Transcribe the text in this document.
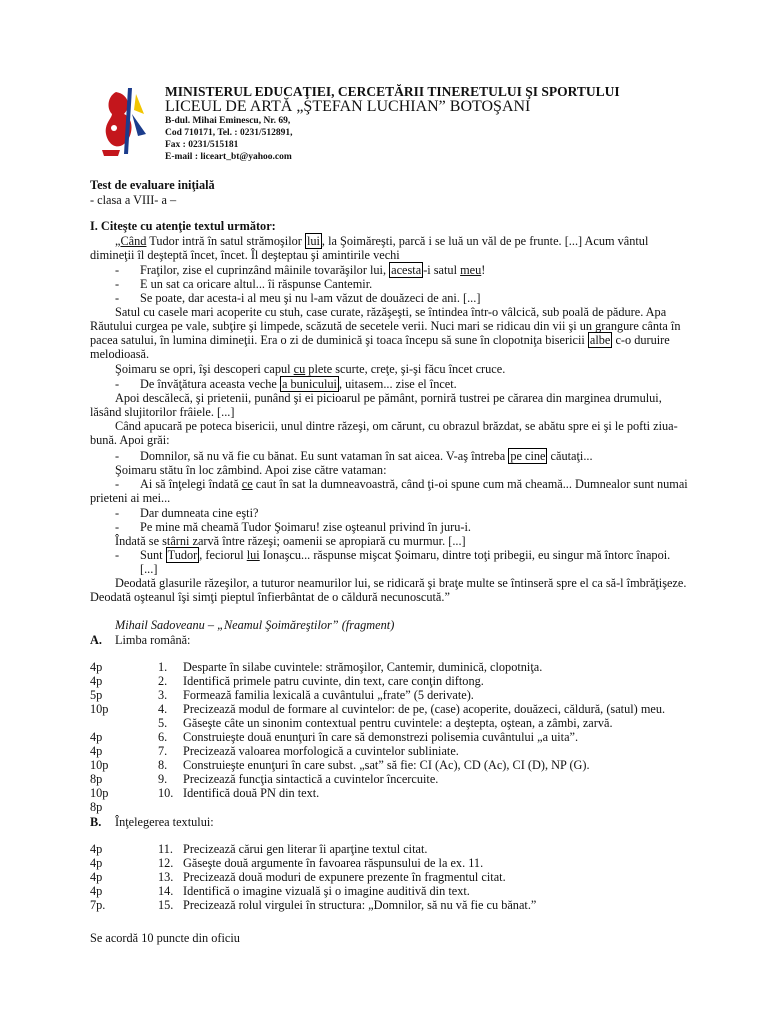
MINISTERUL EDUCAŢIEI, CERCETĂRII TINERETULUI ŞI SPORTULUI
LICEUL DE ARTĂ „ŞTEFAN LUCHIAN” BOTOŞANI
B-dul. Mihai Eminescu, Nr. 69,
Cod 710171, Tel. : 0231/512891,
Fax : 0231/515181
E-mail : liceart_bt@yahoo.com
Test de evaluare iniţială
- clasa a VIII- a –
I. Citeşte cu atenţie textul următor:
„Când Tudor intră în satul strămoşilor lui , la Şoimăreşti, parcă i se luă un văl de pe frunte. [...] Acum vântul
dimineţii îl deşteptă încet, încet. Îl deşteptau şi amintirile vechi
- Fraţilor, zise el cuprinzând mâinile tovarăşilor lui, acesta -i satul meu!
- E un sat ca oricare altul... îi răspunse Cantemir.
- Se poate, dar acesta-i al meu şi nu l-am văzut de douăzeci de ani. [...]
Satul cu casele mari acoperite cu stuh, case curate, răzăşeşti, se întindea într-o vâlcică, sub poală de pădure. Apa Răutului curgea pe vale, subţire şi limpede, scăzută de secetele verii. Nuci mari se ridicau din vii şi un grangure cânta în pacea satului, în lumina dimineţii. Era o zi de duminică şi toaca începu să sune în clopotniţa bisericii albe c-o duruire melodioasă.
Şoimaru se opri, îşi descoperi capul cu plete scurte, creţe, şi-şi făcu încet cruce.
- De învăţătura aceasta veche a bunicului , uitasem... zise el încet.
Apoi descălecă, şi prietenii, punând şi ei picioarul pe pământ, porniră tustrei pe cărarea din marginea drumului, lăsând slujitorilor frâiele. [...]
Când apucară pe poteca bisericii, unul dintre răzeşi, om cărunt, cu obrazul brăzdat, se abătu spre ei şi le pofti ziua-bună. Apoi grăi:
- Domnilor, să nu vă fie cu bănat. Eu sunt vataman în sat aicea. V-aş întreba pe cine căutaţi...
Şoimaru stătu în loc zâmbind. Apoi zise către vataman:
-	Ai să înţelegi îndată ce caut în sat la dumneavoastră, când ţi-oi spune cum mă cheamă... Dumnealor sunt numai prieteni ai mei...
- Dar dumneata cine eşti?
- Pe mine mă cheamă Tudor Şoimaru! zise oşteanul privind în juru-i.
Îndată se stârni zarvă între răzeşi; oamenii se apropiară cu murmur. [...]
- Sunt Tudor , feciorul lui Ionaşcu... răspunse mişcat Şoimaru, dintre toţi pribegii, eu singur mă întorc înapoi.
[...]
Deodată glasurile răzeşilor, a tuturor neamurilor lui, se ridicară şi braţe multe se întinseră spre el ca să-l îmbrăţişeze. Deodată oşteanul îşi simţi pieptul înfierbântat de o căldură necunoscută.”
Mihail Sadoveanu – „Neamul Şoimăreştilor” (fragment)
A. Limba română:
4p	1. Desparte în silabe cuvintele: strămoşilor, Cantemir, duminică, clopotniţa.
4p	2. Identifică primele patru cuvinte, din text, care conţin diftong.
5p	3. Formează familia lexicală a cuvântului „frate” (5 derivate).
10p	4. Precizează modul de formare al cuvintelor: de pe, (case) acoperite, douăzeci, căldură, (satul) meu.
5. Găseşte câte un sinonim contextual pentru cuvintele: a deştepta, oştean, a zâmbi, zarvă.
4p	6. Construieşte două enunţuri în care să demonstrezi polisemia cuvântului „a uita”.
4p	7. Precizează valoarea morfologică a cuvintelor subliniate.
10p	8. Construieşte enunţuri în care subst. „sat” să fie: CI (Ac), CD (Ac), CI (D), NP (G).
8p	9. Precizează funcţia sintactică a cuvintelor încercuite.
10p	10. Identifică două PN din text.
8p
B. Înţelegerea textului:
4p	11. Precizează cărui gen literar îi aparţine textul citat.
4p	12. Găseşte două argumente în favoarea răspunsului de la ex. 11.
4p	13. Precizează două moduri de expunere prezente în fragmentul citat.
4p	14. Identifică o imagine vizuală şi o imagine auditivă din text.
7p.	15. Precizează rolul virgulei în structura: „Domnilor, să nu vă fie cu bănat.”
Se acordă 10 puncte din oficiu
